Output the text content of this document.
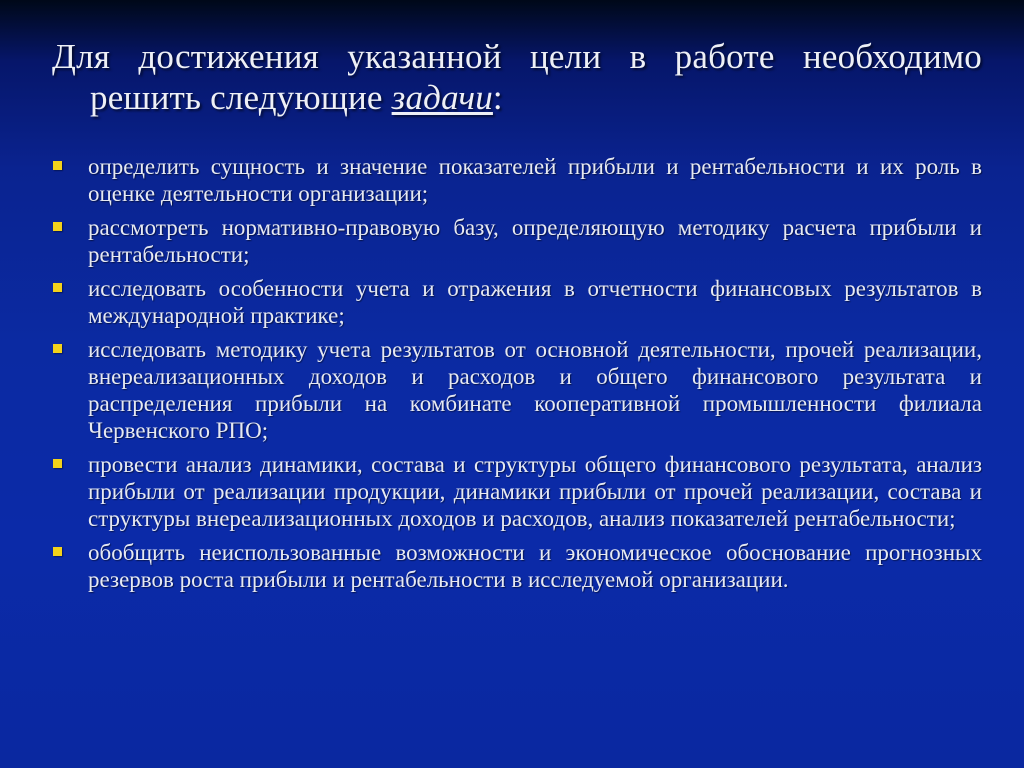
Для достижения указанной цели в работе необходимо
решить следующие задачи:
определить сущность и значение показателей прибыли и рентабельности и их роль в оценке деятельности организации;
рассмотреть нормативно-правовую базу, определяющую методику расчета прибыли и рентабельности;
исследовать особенности учета и отражения в отчетности финансовых результатов в международной практике;
исследовать методику учета результатов от основной деятельности, прочей реализации, внереализационных доходов и расходов и общего финансового результата и распределения прибыли на комбинате кооперативной промышленности филиала Червенского РПО;
провести анализ динамики, состава и структуры общего финансового результата, анализ прибыли от реализации продукции, динамики прибыли от прочей реализации, состава и структуры внереализационных доходов и расходов, анализ показателей рентабельности;
обобщить неиспользованные возможности и экономическое обоснование прогнозных резервов роста прибыли и рентабельности в исследуемой организации.
